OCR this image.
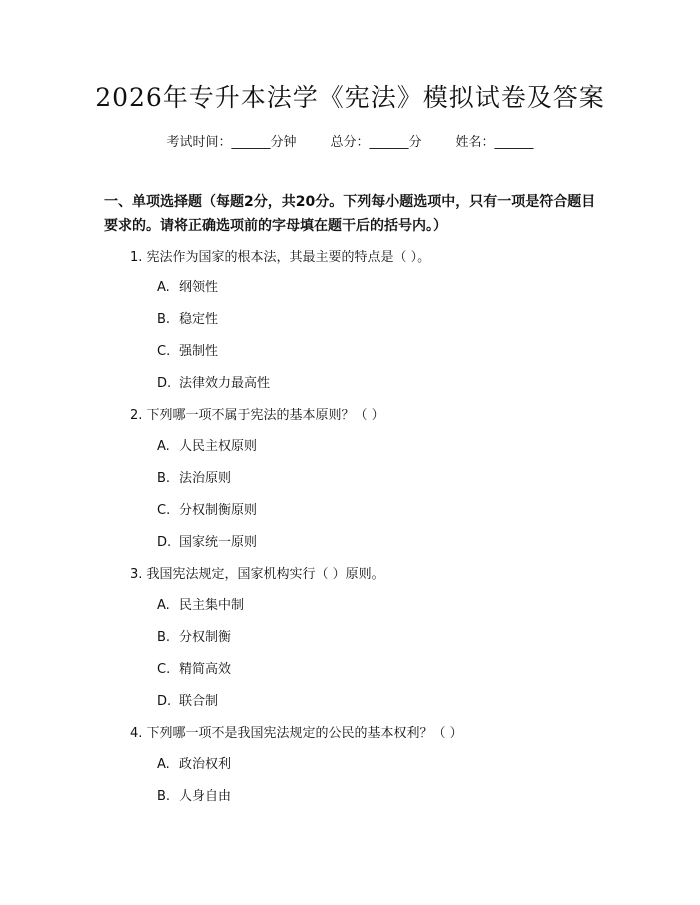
2026年专升本法学《宪法》模拟试卷及答案
考试时间：______分钟	总分：______分	姓名：______
一、单项选择题（每题2分，共20分。下列每小题选项中，只有一项是符合题目要求的。请将正确选项前的字母填在题干后的括号内。）
1. 宪法作为国家的根本法，其最主要的特点是（ ）。
A. 纲领性
B. 稳定性
C. 强制性
D. 法律效力最高性
2. 下列哪一项不属于宪法的基本原则？（ ）
A. 人民主权原则
B. 法治原则
C. 分权制衡原则
D. 国家统一原则
3. 我国宪法规定，国家机构实行（ ）原则。
A. 民主集中制
B. 分权制衡
C. 精简高效
D. 联合制
4. 下列哪一项不是我国宪法规定的公民的基本权利？（ ）
A. 政治权利
B. 人身自由
